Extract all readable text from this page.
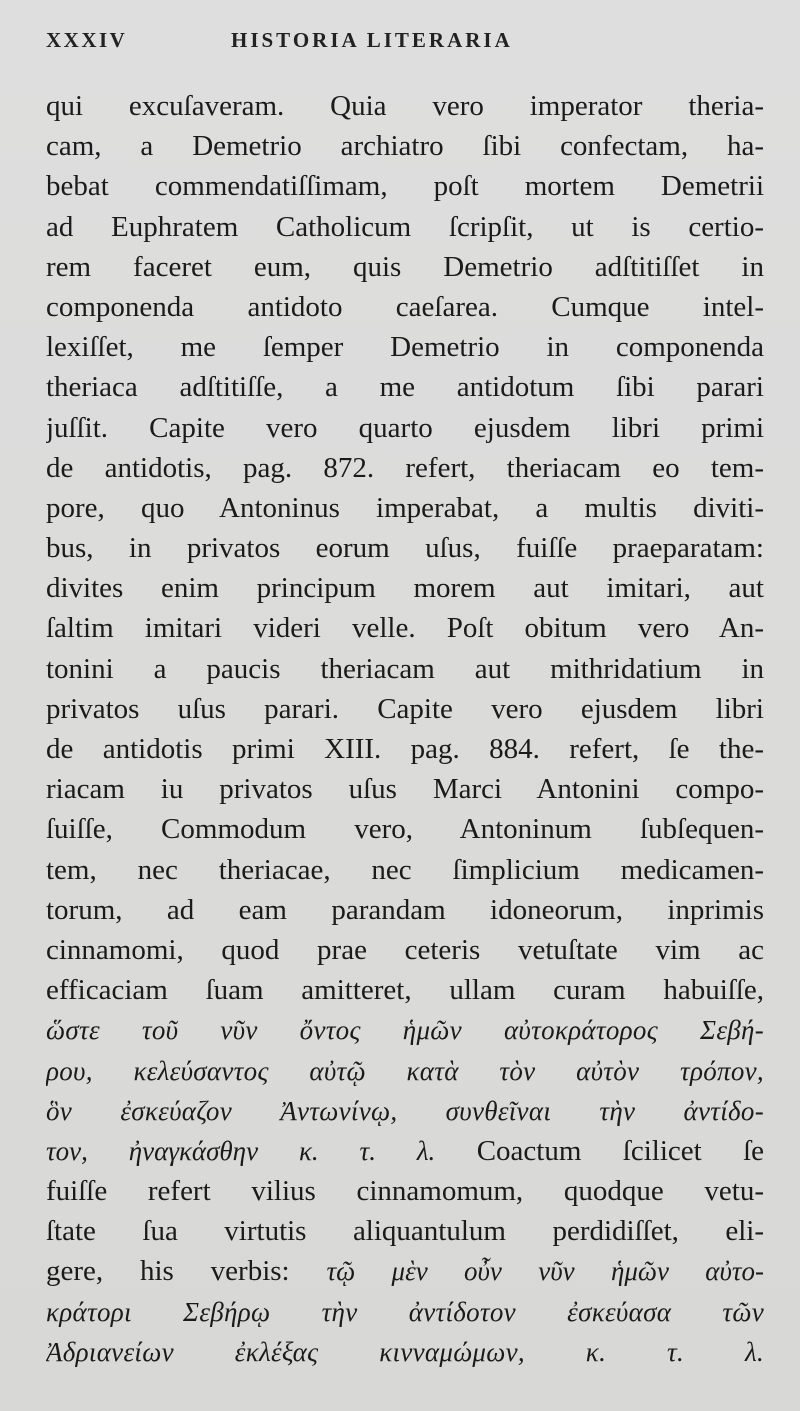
XXXIV	HISTORIA LITERARIA
qui excuſaveram. Quia vero imperator theria-
cam, a Demetrio archiatro ſibi confectam, ha-
bebat commendatiſſimam, poſt mortem Demetrii
ad Euphratem Catholicum ſcripſit, ut is certio-
rem faceret eum, quis Demetrio adſtitiſſet in
componenda antidoto caeſarea. Cumque intel-
lexiſſet, me ſemper Demetrio in componenda
theriaca adſtitiſſe, a me antidotum ſibi parari
juſſit. Capite vero quarto ejusdem libri primi
de antidotis, pag. 872. refert, theriacam eo tem-
pore, quo Antoninus imperabat, a multis diviti-
bus, in privatos eorum uſus, fuiſſe praeparatam:
divites enim principum morem aut imitari, aut
ſaltim imitari videri velle. Poſt obitum vero An-
tonini a paucis theriacam aut mithridatium in
privatos uſus parari. Capite vero ejusdem libri
de antidotis primi XIII. pag. 884. refert, ſe the-
riacam iu privatos uſus Marci Antonini compo-
ſuiſſe, Commodum vero, Antoninum ſubſequen-
tem, nec theriacae, nec ſimplicium medicamen-
torum, ad eam parandam idoneorum, inprimis
cinnamomi, quod prae ceteris vetuſtate vim ac
efficaciam ſuam amitteret, ullam curam habuiſſe,
ὥστε τοῦ νῦν ὄντος ἡμῶν αὐτοκράτορος Σεβή-
ρου, κελεύσαντος αὐτῷ κατὰ τὸν αὐτὸν τρόπον,
ὃν ἐσκεύαζον Ἀντωνίνῳ, συνθεῖναι τὴν ἀντίδο-
τον, ἠναγκάσθην κ. τ. λ. Coactum ſcilicet ſe
fuiſſe refert vilius cinnamomum, quodque vetu-
ſtate ſua virtutis aliquantulum perdidiſſet, eli-
gere, his verbis: τῷ μὲν οὖν νῦν ἡμῶν αὐτο-
κράτορι Σεβήρῳ τὴν ἀντίδοτον ἐσκεύασα τῶν
Ἀδριανείων ἐκλέξας κινναμώμων, κ. τ. λ.
